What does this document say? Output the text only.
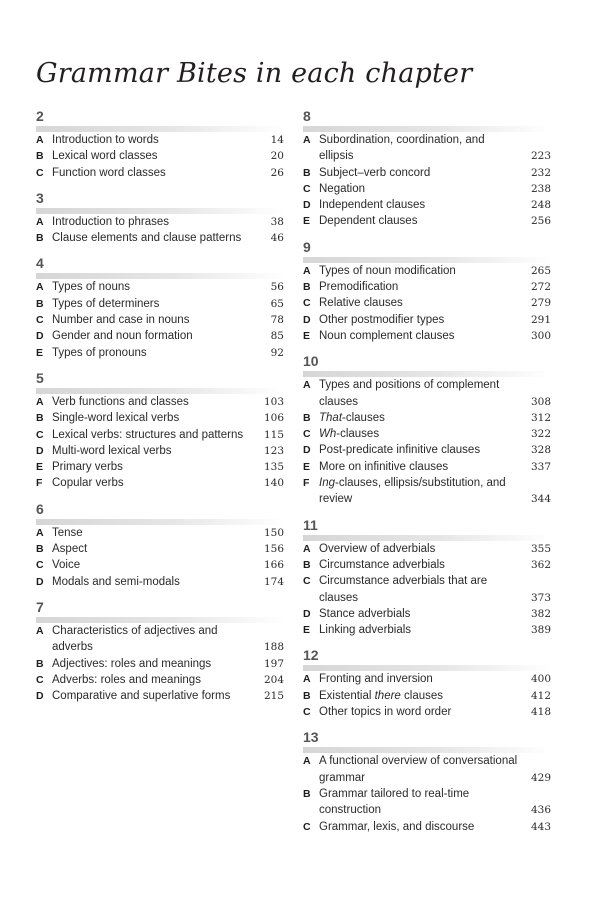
Grammar Bites in each chapter
2
A Introduction to words	14
B Lexical word classes	20
C Function word classes	26
3
A Introduction to phrases	38
B Clause elements and clause patterns	46
4
A Types of nouns	56
B Types of determiners	65
C Number and case in nouns	78
D Gender and noun formation	85
E Types of pronouns	92
5
A Verb functions and classes	103
B Single-word lexical verbs	106
C Lexical verbs: structures and patterns 115
D Multi-word lexical verbs	123
E Primary verbs	135
F Copular verbs	140
6
A Tense	150
B Aspect	156
C Voice	166
D Modals and semi-modals	174
7
A Characteristics of adjectives and adverbs	188
B Adjectives: roles and meanings	197
C Adverbs: roles and meanings	204
D Comparative and superlative forms	215
8
A Subordination, coordination, and ellipsis	223
B Subject–verb concord	232
C Negation	238
D Independent clauses	248
E Dependent clauses	256
9
A Types of noun modification	265
B Premodification	272
C Relative clauses	279
D Other postmodifier types	291
E Noun complement clauses	300
10
A Types and positions of complement clauses	308
B That-clauses	312
C Wh-clauses	322
D Post-predicate infinitive clauses	328
E More on infinitive clauses	337
F Ing-clauses, ellipsis/substitution, and review	344
11
A Overview of adverbials	355
B Circumstance adverbials	362
C Circumstance adverbials that are clauses	373
D Stance adverbials	382
E Linking adverbials	389
12
A Fronting and inversion	400
B Existential there clauses	412
C Other topics in word order	418
13
A A functional overview of conversational grammar	429
B Grammar tailored to real-time construction	436
C Grammar, lexis, and discourse	443
